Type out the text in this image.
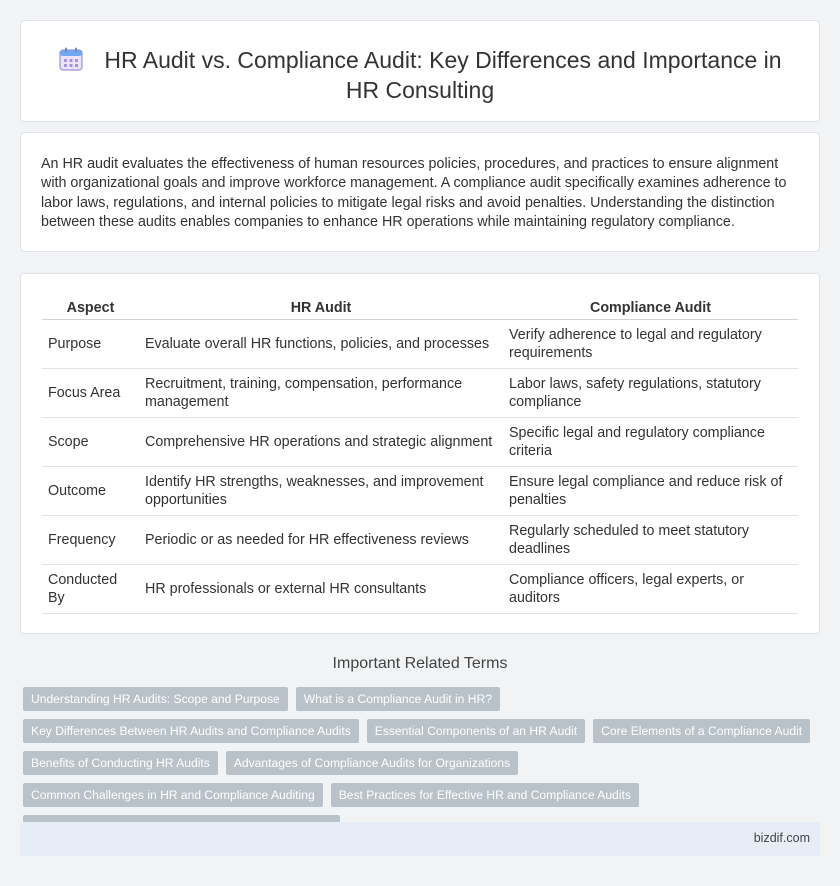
HR Audit vs. Compliance Audit: Key Differences and Importance in HR Consulting

An HR audit evaluates the effectiveness of human resources policies, procedures, and practices to ensure alignment with organizational goals and improve workforce management. A compliance audit specifically examines adherence to labor laws, regulations, and internal policies to mitigate legal risks and avoid penalties. Understanding the distinction between these audits enables companies to enhance HR operations while maintaining regulatory compliance.

Aspect	HR Audit	Compliance Audit
Purpose	Evaluate overall HR functions, policies, and processes	Verify adherence to legal and regulatory requirements
Focus Area	Recruitment, training, compensation, performance management	Labor laws, safety regulations, statutory compliance
Scope	Comprehensive HR operations and strategic alignment	Specific legal and regulatory compliance criteria
Outcome	Identify HR strengths, weaknesses, and improvement opportunities	Ensure legal compliance and reduce risk of penalties
Frequency	Periodic or as needed for HR effectiveness reviews	Regularly scheduled to meet statutory deadlines
Conducted By	HR professionals or external HR consultants	Compliance officers, legal experts, or auditors
Important Related Terms
Understanding HR Audits: Scope and Purpose	What is a Compliance Audit in HR?
Key Differences Between HR Audits and Compliance Audits	Essential Components of an HR Audit	Core Elements of a Compliance Audit
Benefits of Conducting HR Audits	Advantages of Compliance Audits for Organizations
Common Challenges in HR and Compliance Auditing	Best Practices for Effective HR and Compliance Audits
bizdif.com
